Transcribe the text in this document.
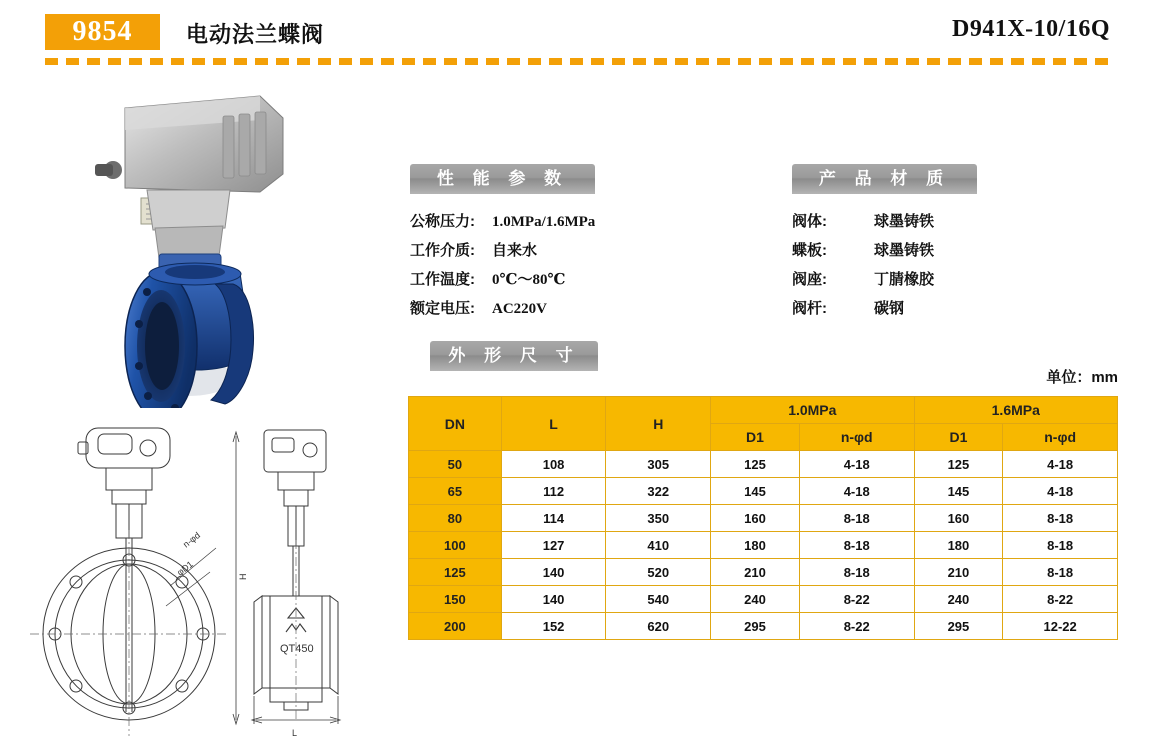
9854	电动法兰蝶阀	D941X-10/16Q
性 能 参 数
公称压力:	1.0MPa/1.6MPa
工作介质:	自来水
工作温度:	0℃～80℃
额定电压:	AC220V
产 品 材 质
阀体:	球墨铸铁
蝶板:	球墨铸铁
阀座:	丁腈橡胶
阀杆:	碳钢
外 形 尺 寸
单位：mm
DN	L	H	1.0MPa		1.6MPa	
			D1	n-φd	D1	n-φd
50	108	305	125	4-18	125	4-18
65	112	322	145	4-18	145	4-18
80	114	350	160	8-18	160	8-18
100	127	410	180	8-18	180	8-18
125	140	520	210	8-18	210	8-18
150	140	540	240	8-22	240	8-22
200	152	620	295	8-22	295	12-22
n-φd
φD1	H
QT450
L
